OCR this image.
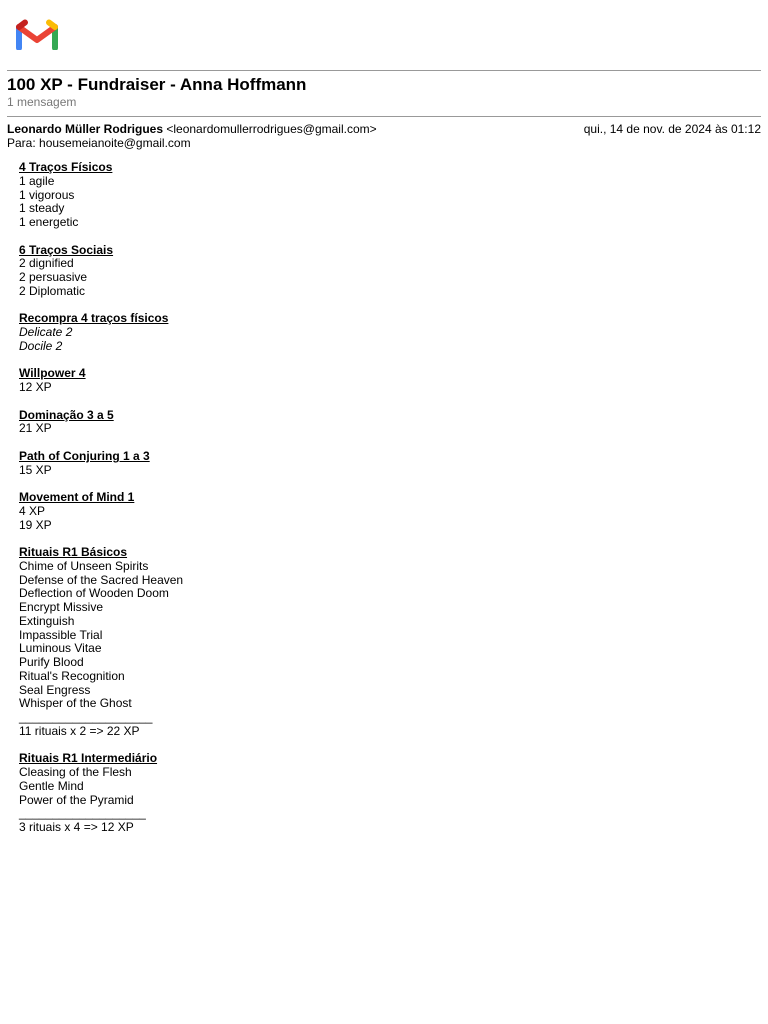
100 XP - Fundraiser - Anna Hoffmann
1 mensagem
Leonardo Müller Rodrigues <leonardomullerrodrigues@gmail.com>	qui., 14 de nov. de 2024 às 01:12
Para: housemeianoite@gmail.com
4 Traços Físicos
1 agile
1 vigorous
1 steady
1 energetic
6 Traços Sociais
2 dignified
2 persuasive
2 Diplomatic
Recompra 4 traços físicos
Delicate 2
Docile 2
Willpower 4
12 XP
Dominação 3 a 5
21 XP
Path of Conjuring 1 a 3
15 XP
Movement of Mind 1
4 XP
19 XP
Rituais R1 Básicos
Chime of Unseen Spirits
Defense of the Sacred Heaven
Deflection of Wooden Doom
Encrypt Missive
Extinguish
Impassible Trial
Luminous Vitae
Purify Blood
Ritual's Recognition
Seal Engress
Whisper of the Ghost
____________________
11 rituais x 2 => 22 XP
Rituais R1 Intermediário
Cleasing of the Flesh
Gentle Mind
Power of the Pyramid
___________________
3 rituais x 4 => 12 XP
